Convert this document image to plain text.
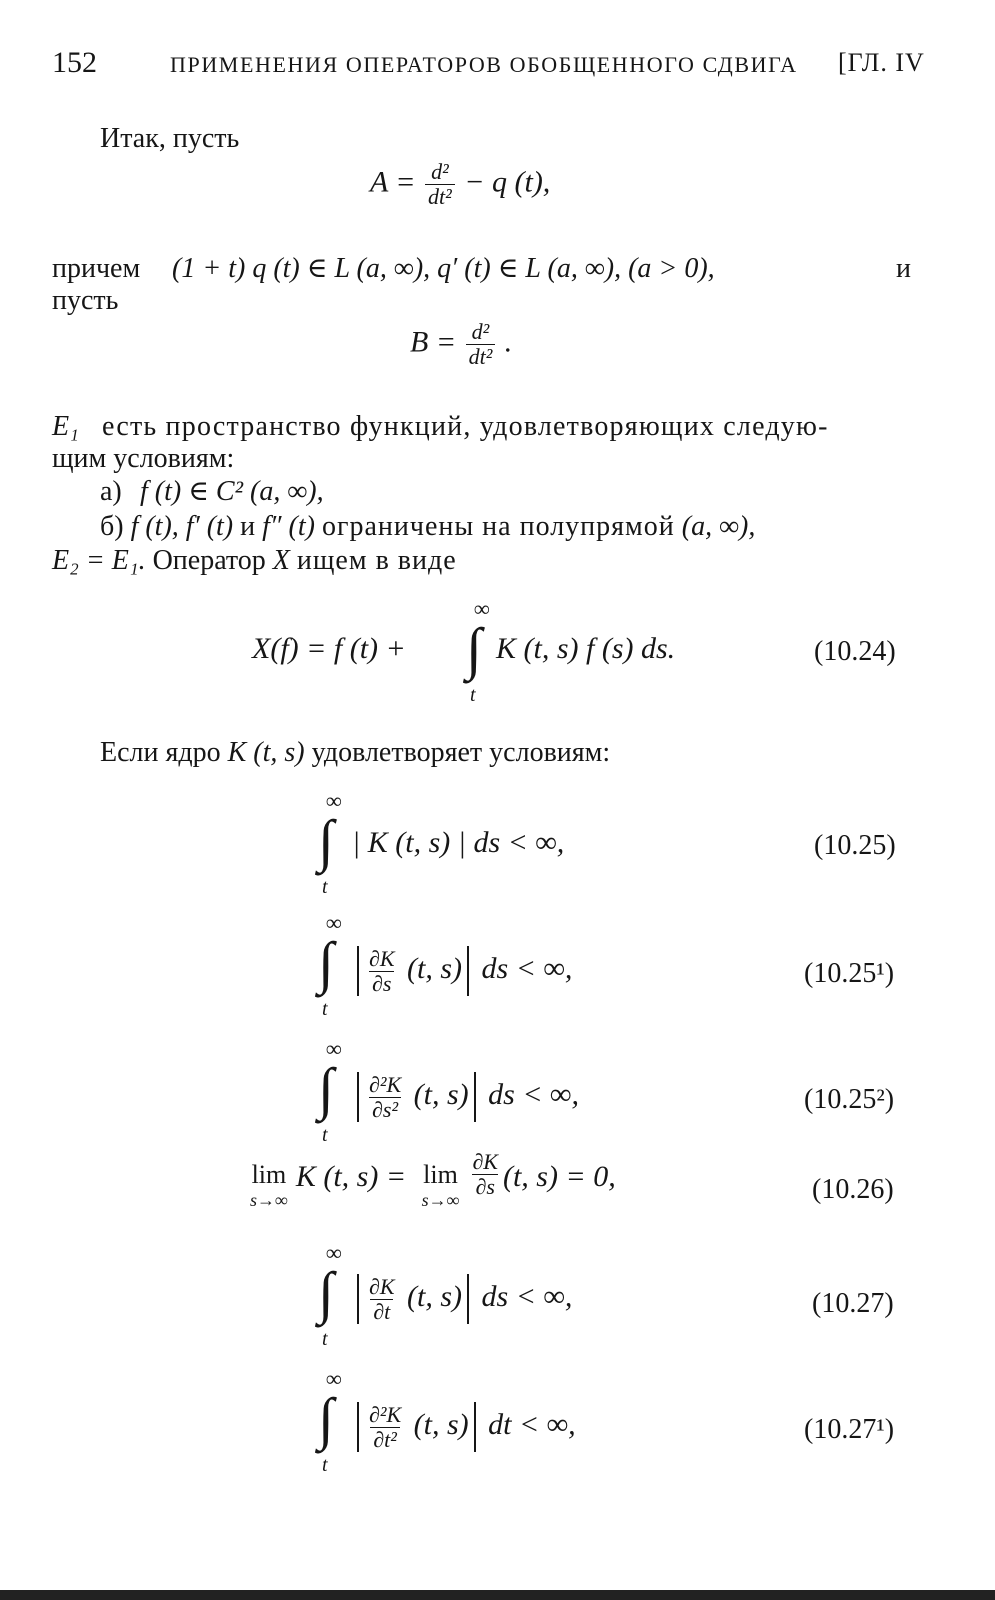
152	ПРИМЕНЕНИЯ ОПЕРАТОРОВ ОБОБЩЕННОГО СДВИГА [ГЛ. IV
Итак, пусть
$A = \frac{\text{d²}}{\text{dt²}} - q$ (t),
причем (1 + t) q (t) ∈ L (a, ∞), q′ (t) ∈ L (a, ∞), (a > 0),	и
пусть
$B = \frac{\text{d²}}{\text{dt²}}$ .
E₁ есть пространство функций, удовлетворяющих следую-
щим условиям:
а) f (t) ∈ C² (a, ∞),
б) f (t), f′ (t) и f″ (t) ограничены на полупрямой (a, ∞),
E₂ = E₁. Оператор X ищем в виде
X(f) = f (t) +
∞
∫
t
K (t, s) f (s) ds.	(10.24)
Если ядро K (t, s) удовлетворяет условиям:
∞
∫
t
| K (t, s) | ds < ∞,	(10.25)
∞
∫
t
$\frac{\partial K}{\partial s} (t$, s) ds < ∞,	(10.25¹)
∞
∫
t
$\frac{\text{∂²K}}{\text{∂s²}} (t$, s) ds < ∞,	(10.25²)
lim
s→∞
K (t, s) = lim
s→∞
$\frac{\partial K}{\partial s} (t$, s) = 0,	(10.26)
∞
∫
t
$\frac{\partial K}{\partial t} (t$, s) ds < ∞,	(10.27)
∞
∫
t
$\frac{\text{∂²K}}{\text{∂t²}} (t$, s) dt < ∞,	(10.27¹)
